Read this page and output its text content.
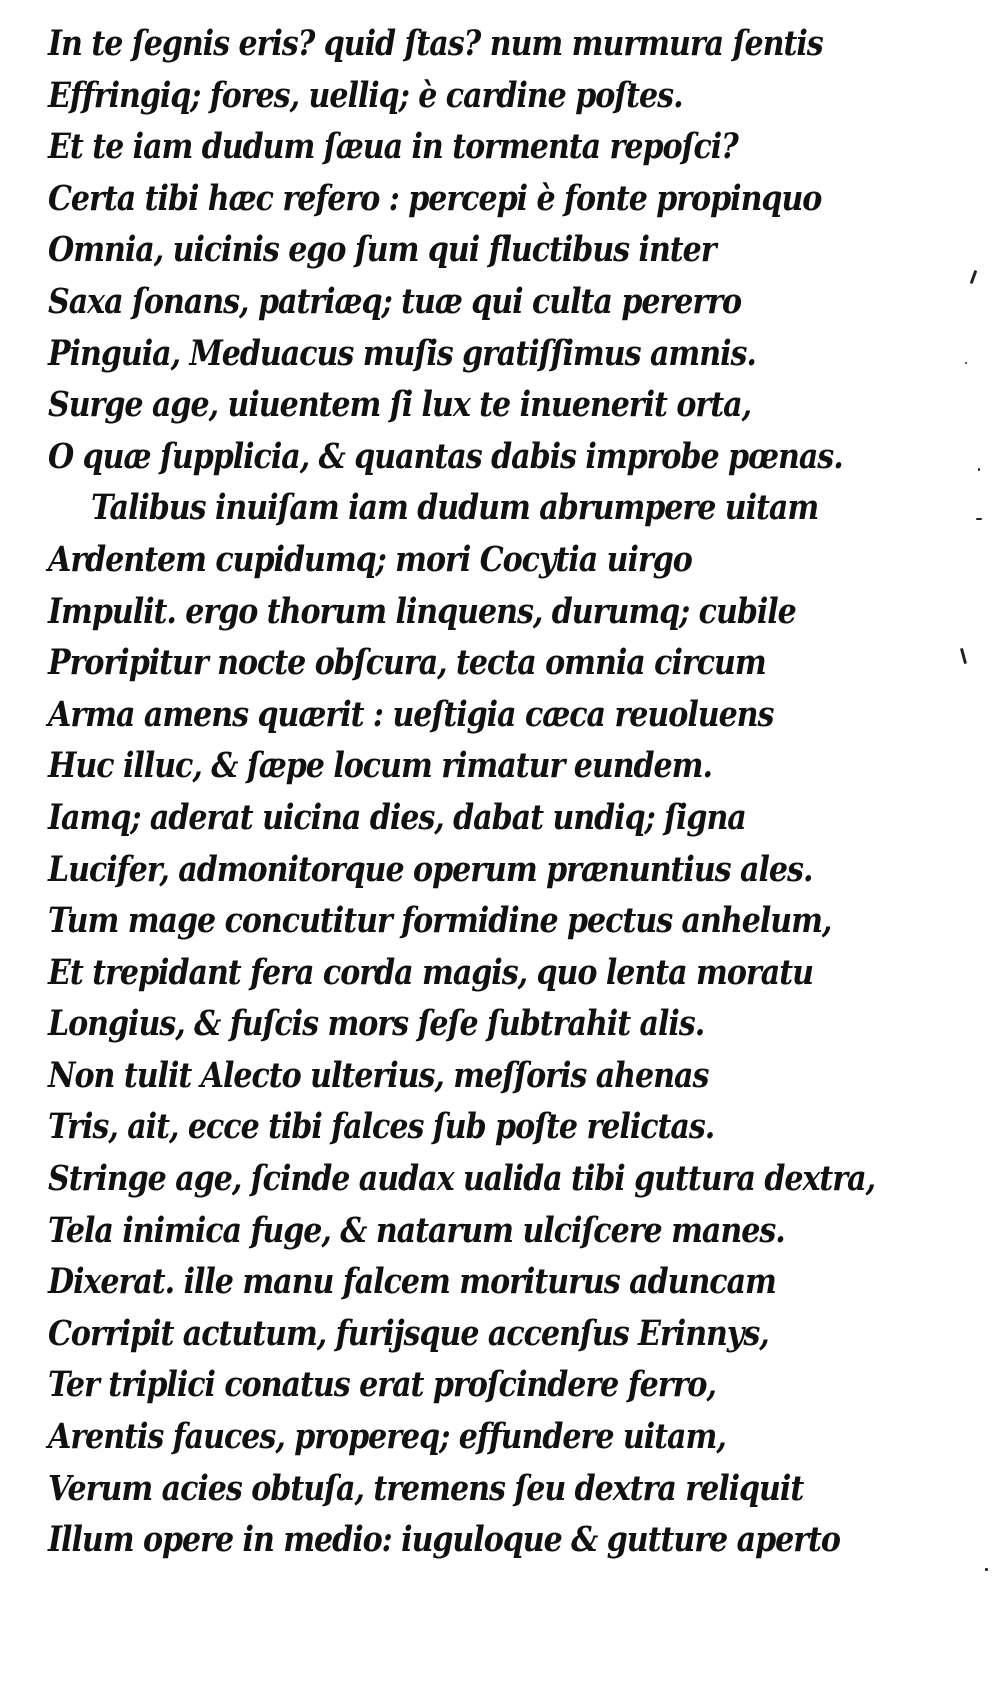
In te ſegnis eris? quid ſtas? num murmura ſentis
Effringiq; fores, uelliq; è cardine poſtes.
Et te iam dudum ſæua in tormenta repoſci?
Certa tibi hæc refero : percepi è fonte propinquo
Omnia, uicinis ego ſum qui fluctibus inter
Saxa ſonans, patriæq; tuæ qui culta pererro
Pinguia, Meduacus muſis gratiſſimus amnis.
Surge age, uiuentem ſi lux te inuenerit orta,
O quæ ſupplicia, & quantas dabis improbe pœnas.
Talibus inuiſam iam dudum abrumpere uitam
Ardentem cupidumq; mori Cocytia uirgo
Impulit. ergo thorum linquens, durumq; cubile
Proripitur nocte obſcura, tecta omnia circum
Arma amens quærit : ueſtigia cæca reuoluens
Huc illuc, & ſæpe locum rimatur eundem.
Iamq; aderat uicina dies, dabat undiq; ſigna
Lucifer, admonitorque operum prænuntius ales.
Tum mage concutitur formidine pectus anhelum,
Et trepidant fera corda magis, quo lenta moratu
Longius, & fuſcis mors ſeſe ſubtrahit alis.
Non tulit Alecto ulterius, meſſoris ahenas
Tris, ait, ecce tibi falces ſub poſte relictas.
Stringe age, ſcinde audax ualida tibi guttura dextra,
Tela inimica fuge, & natarum ulciſcere manes.
Dixerat. ille manu falcem moriturus aduncam
Corripit actutum, furijsque accenſus Erinnys,
Ter triplici conatus erat proſcindere ferro,
Arentis fauces, propereq; effundere uitam,
Verum acies obtuſa, tremens ſeu dextra reliquit
Illum opere in medio: iuguloque & gutture aperto
